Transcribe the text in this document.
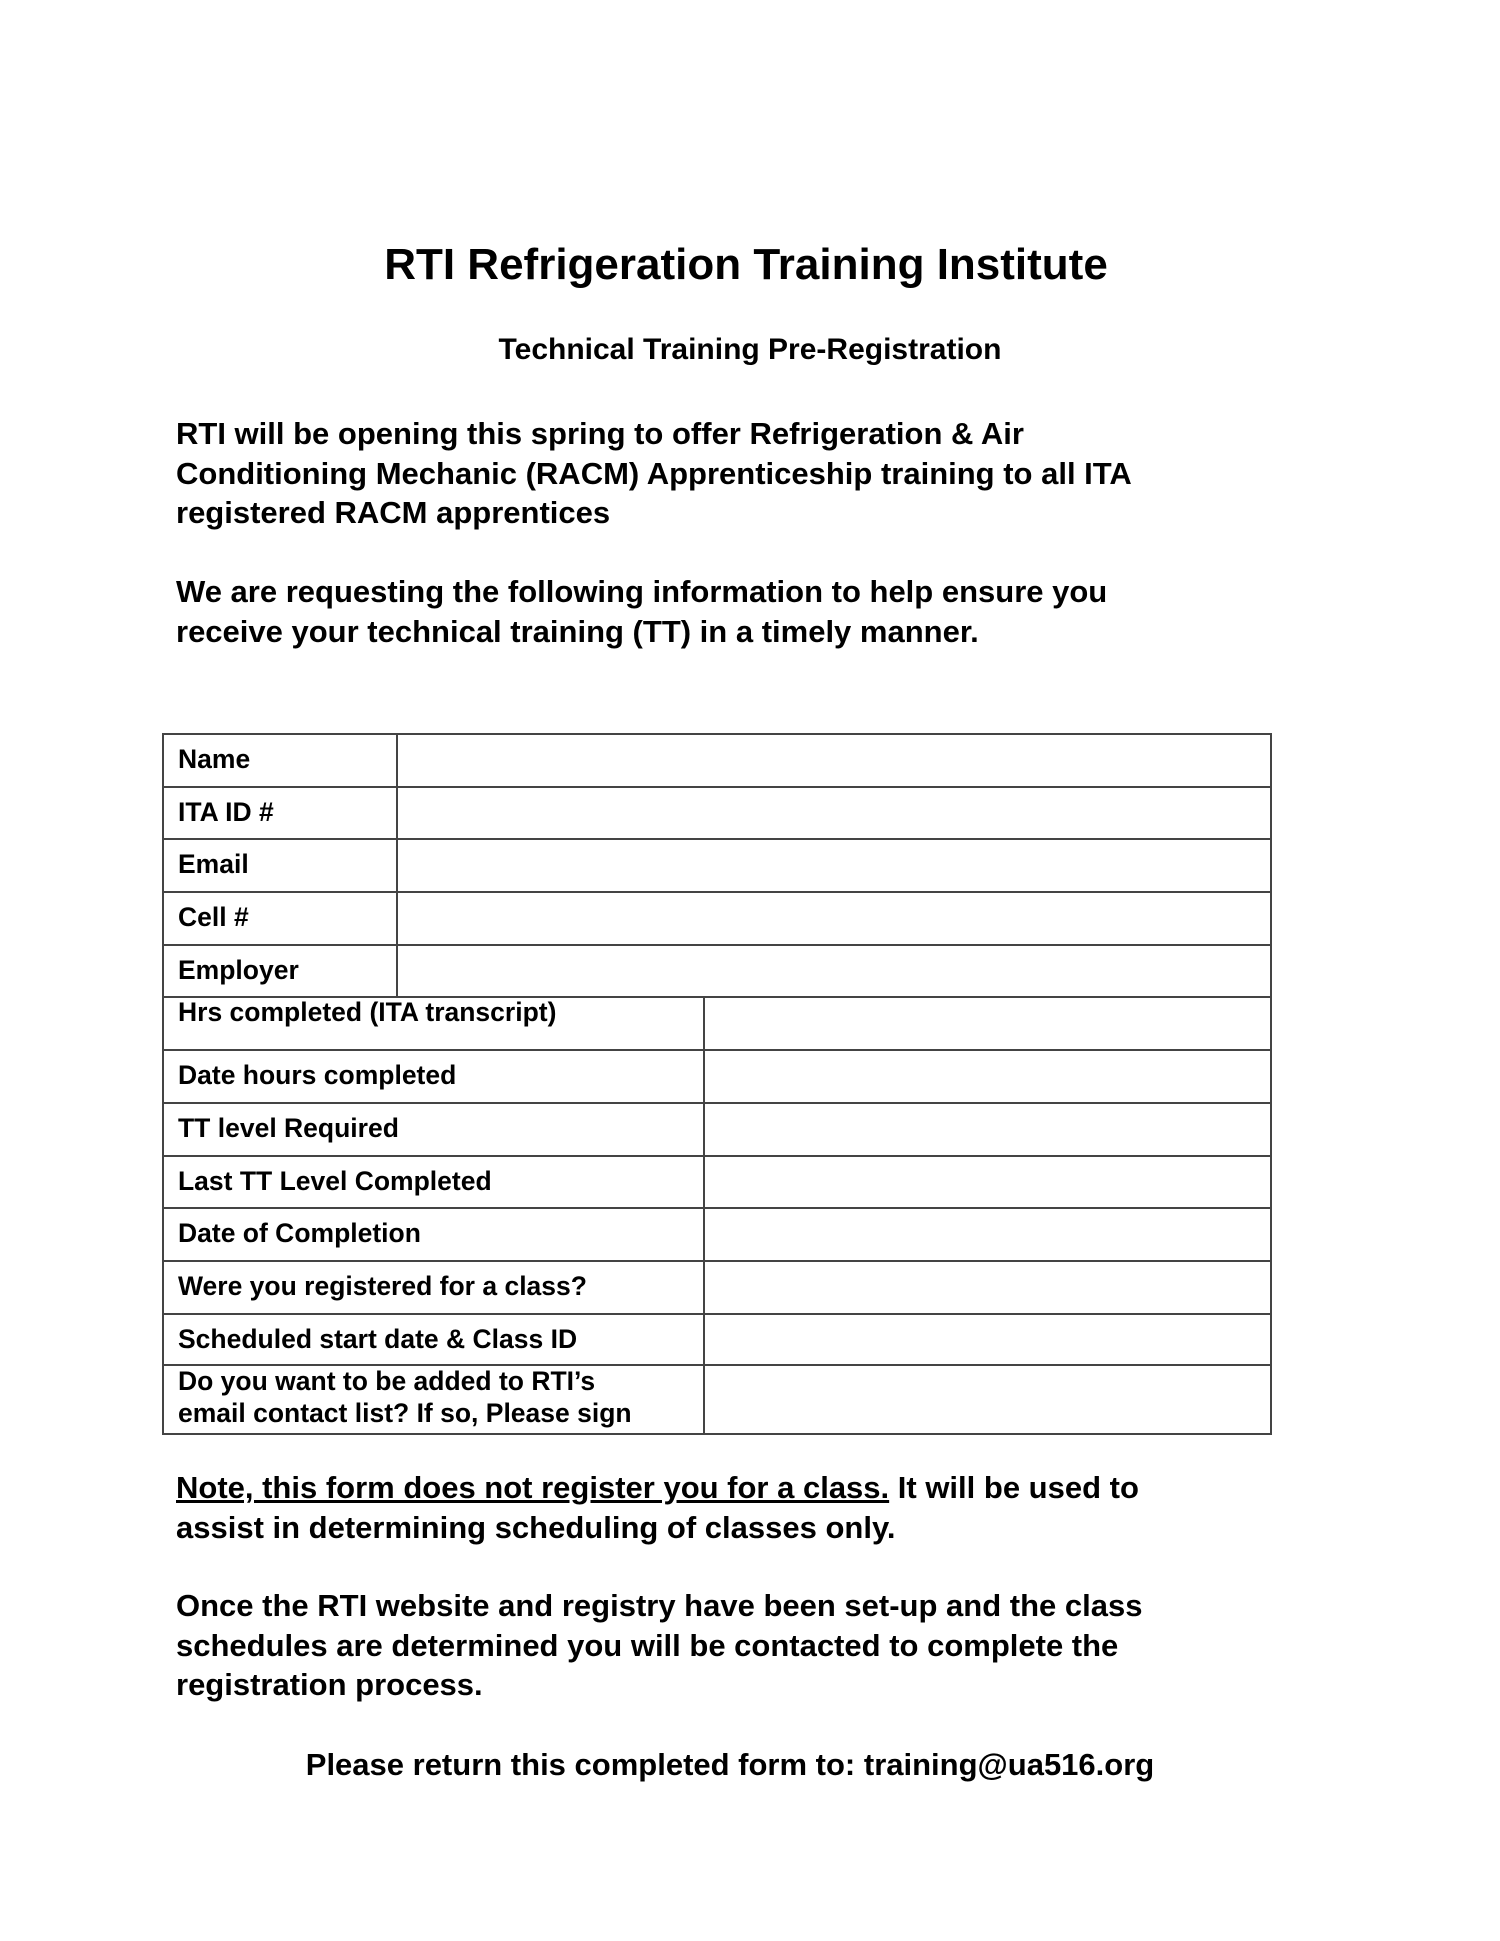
RTI Refrigeration Training Institute
Technical Training Pre-Registration
RTI will be opening this spring to offer Refrigeration & Air
Conditioning Mechanic (RACM) Apprenticeship training to all ITA
registered RACM apprentices
We are requesting the following information to help ensure you
receive your technical training (TT) in a timely manner.
Name
ITA ID #
Email
Cell #
Employer
Hrs completed (ITA transcript)
Date hours completed
TT level Required
Last TT Level Completed
Date of Completion
Were you registered for a class?
Scheduled start date & Class ID
Do you want to be added to RTI’s
email contact list? If so, Please sign
Note, this form does not register you for a class. It will be used to
assist in determining scheduling of classes only.
Once the RTI website and registry have been set-up and the class
schedules are determined you will be contacted to complete the
registration process.
Please return this completed form to: training@ua516.org
